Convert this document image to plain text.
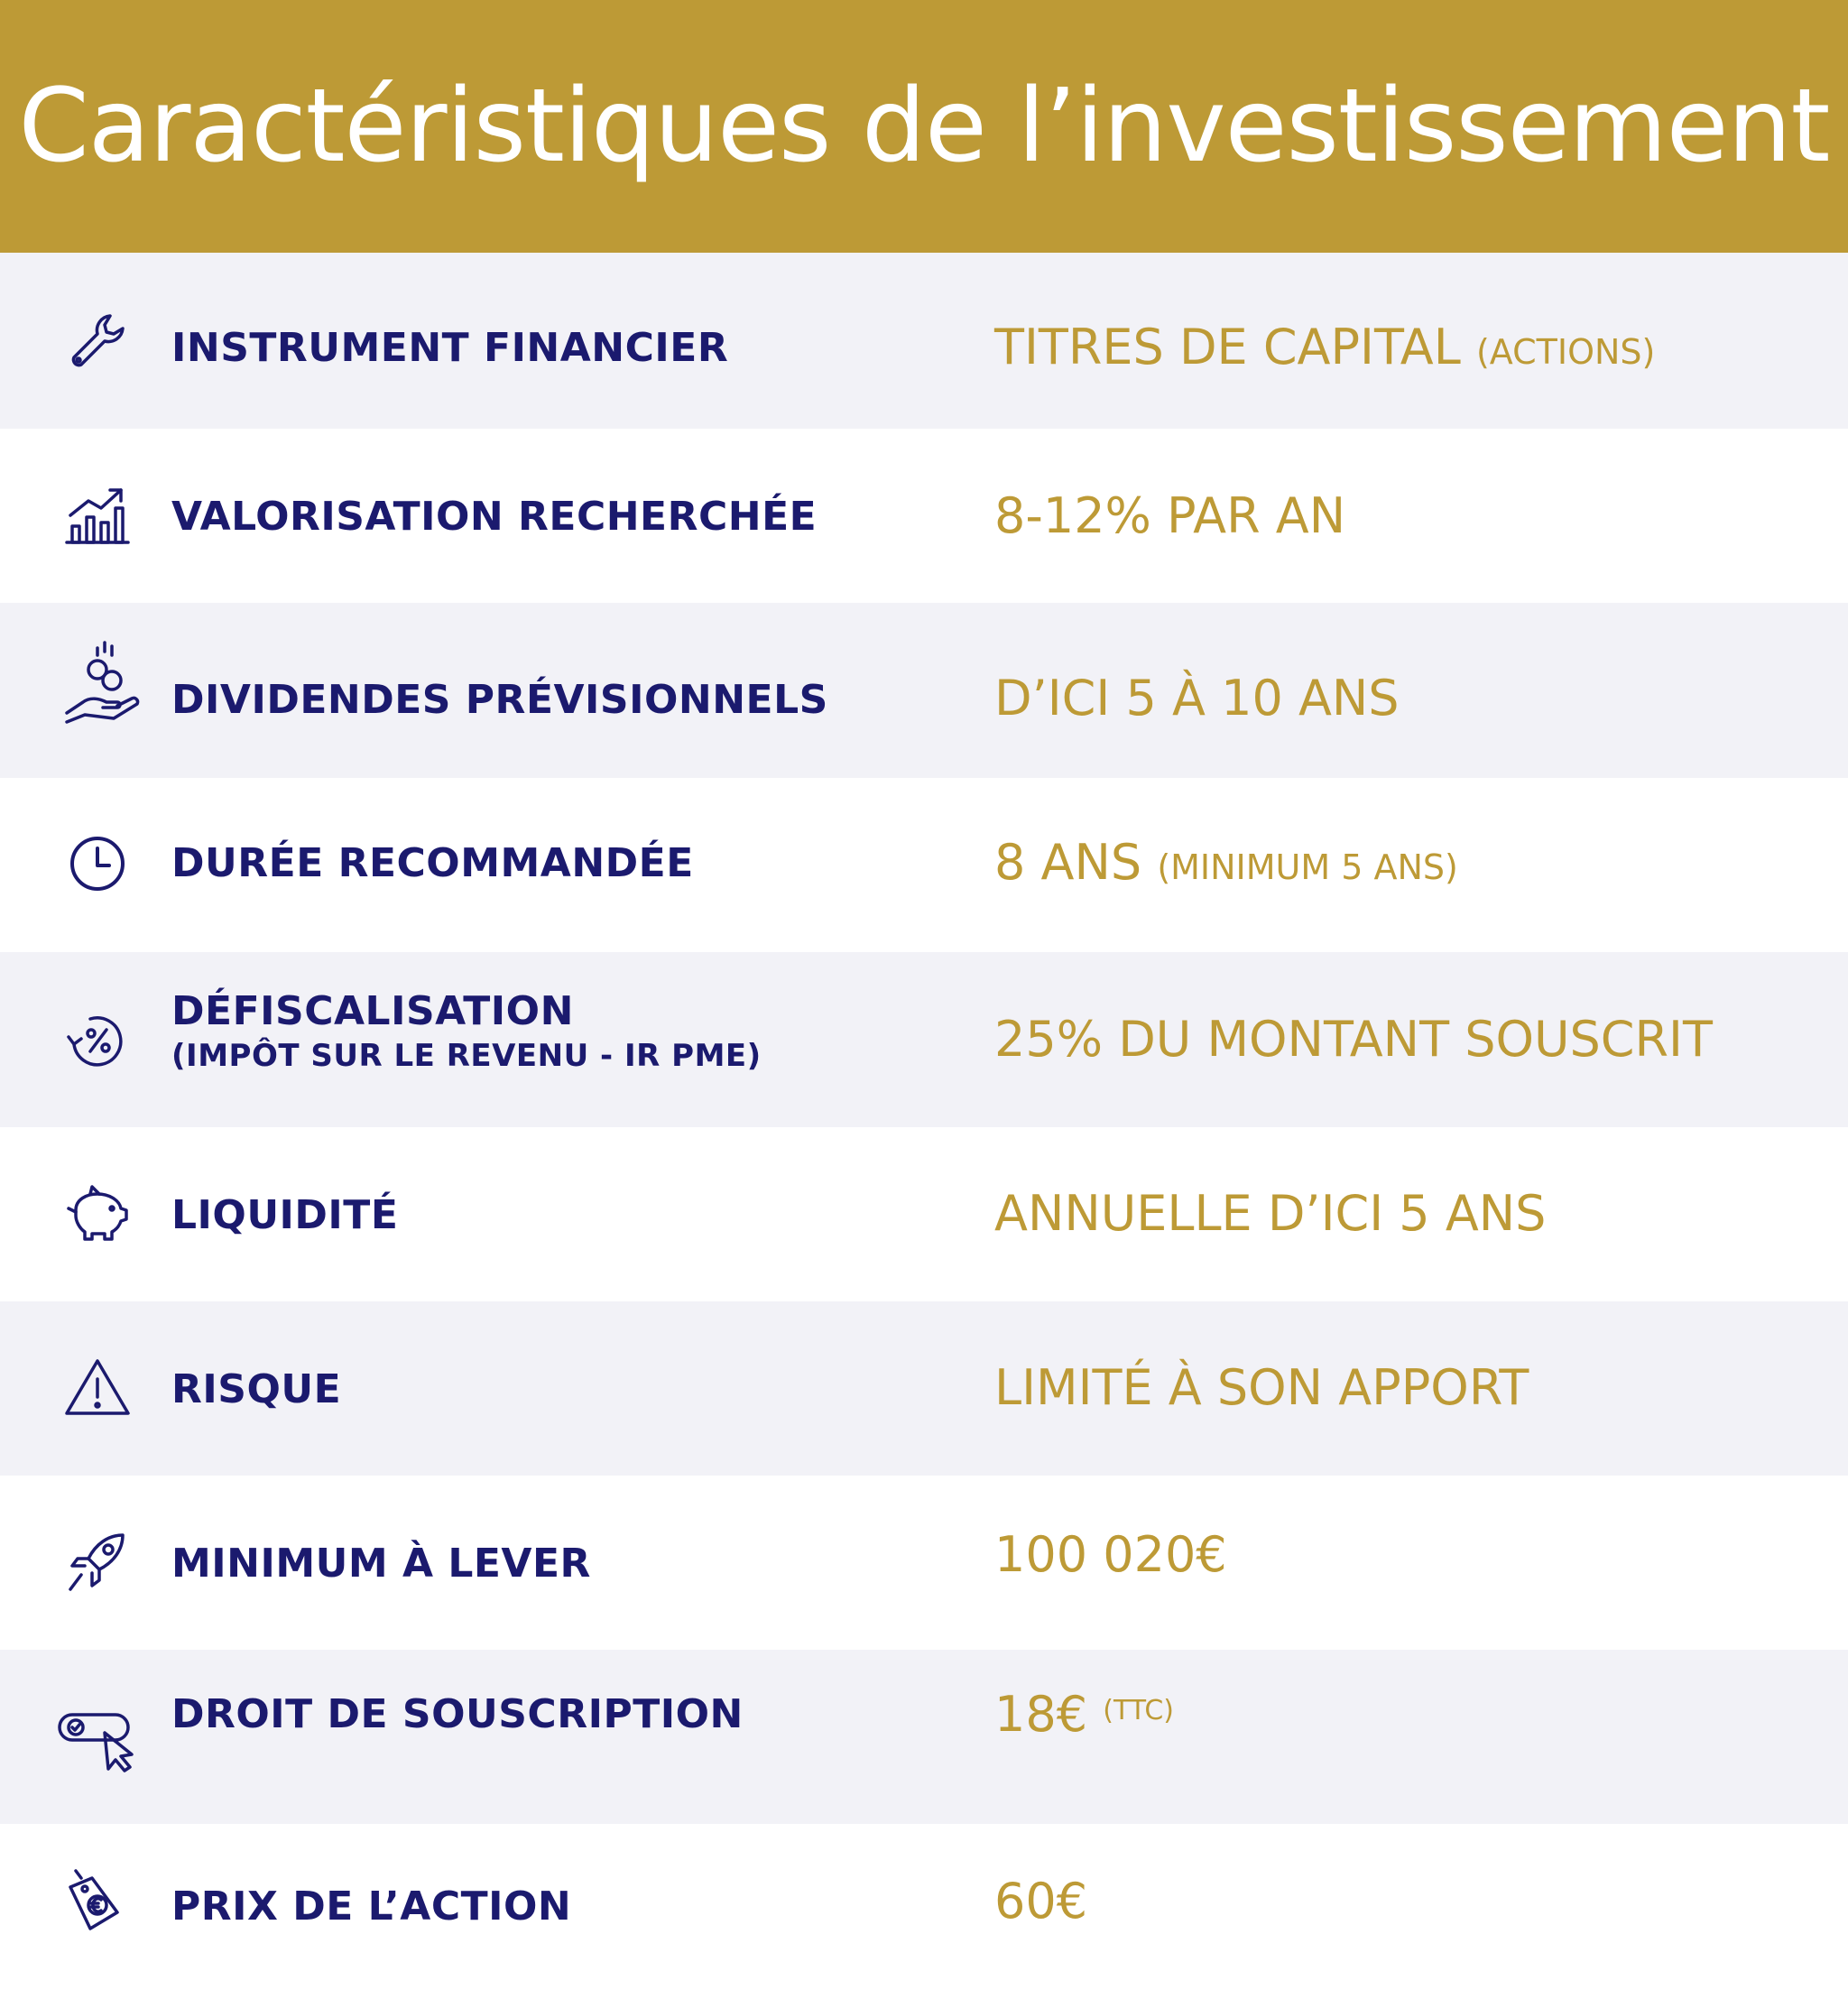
Caractéristiques de l’investissement
INSTRUMENT FINANCIER	TITRES DE CAPITAL (ACTIONS)
VALORISATION RECHERCHÉE	8-12% PAR AN
DIVIDENDES PRÉVISIONNELS	D’ICI 5 À 10 ANS
DURÉE RECOMMANDÉE	8 ANS (MINIMUM 5 ANS)
DÉFISCALISATION
(IMPÔT SUR LE REVENU - IR PME)	25% DU MONTANT SOUSCRIT
LIQUIDITÉ	ANNUELLE D’ICI 5 ANS
RISQUE	LIMITÉ À SON APPORT
MINIMUM À LEVER	100 020€
DROIT DE SOUSCRIPTION	18€ $^{(TTC)}$
PRIX DE L’ACTION	60€
